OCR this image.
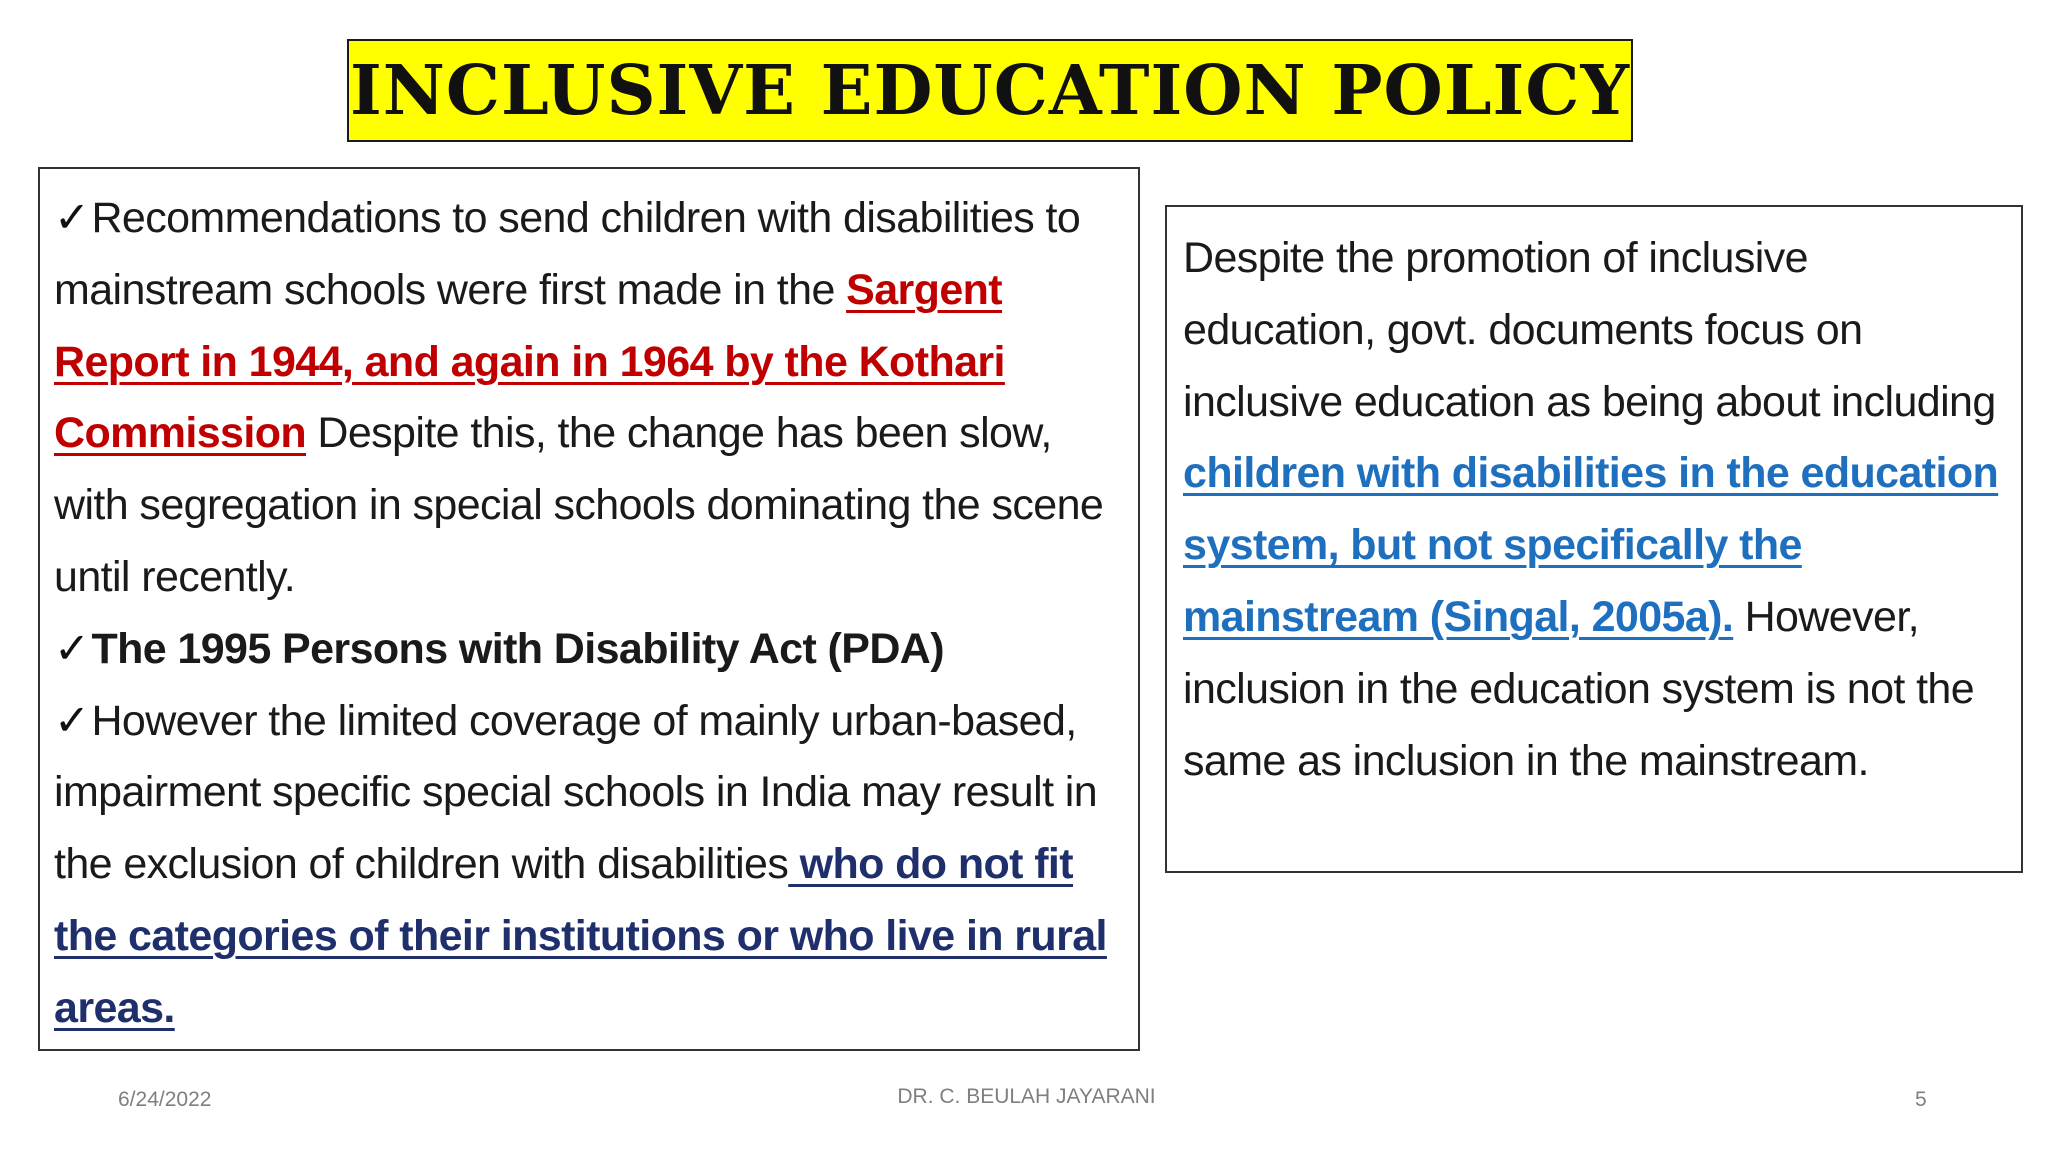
INCLUSIVE EDUCATION POLICY
✓Recommendations to send children with disabilities to mainstream schools were first made in the Sargent Report in 1944, and again in 1964 by the Kothari Commission Despite this, the change has been slow, with segregation in special schools dominating the scene until recently.
✓The 1995 Persons with Disability Act (PDA)
✓However the limited coverage of mainly urban-based, impairment specific special schools in India may result in the exclusion of children with disabilities who do not fit the categories of their institutions or who live in rural areas.
Despite the promotion of inclusive education, govt. documents focus on inclusive education as being about including children with disabilities in the education system, but not specifically the mainstream (Singal, 2005a). However, inclusion in the education system is not the same as inclusion in the mainstream.
6/24/2022	DR. C. BEULAH JAYARANI	5
